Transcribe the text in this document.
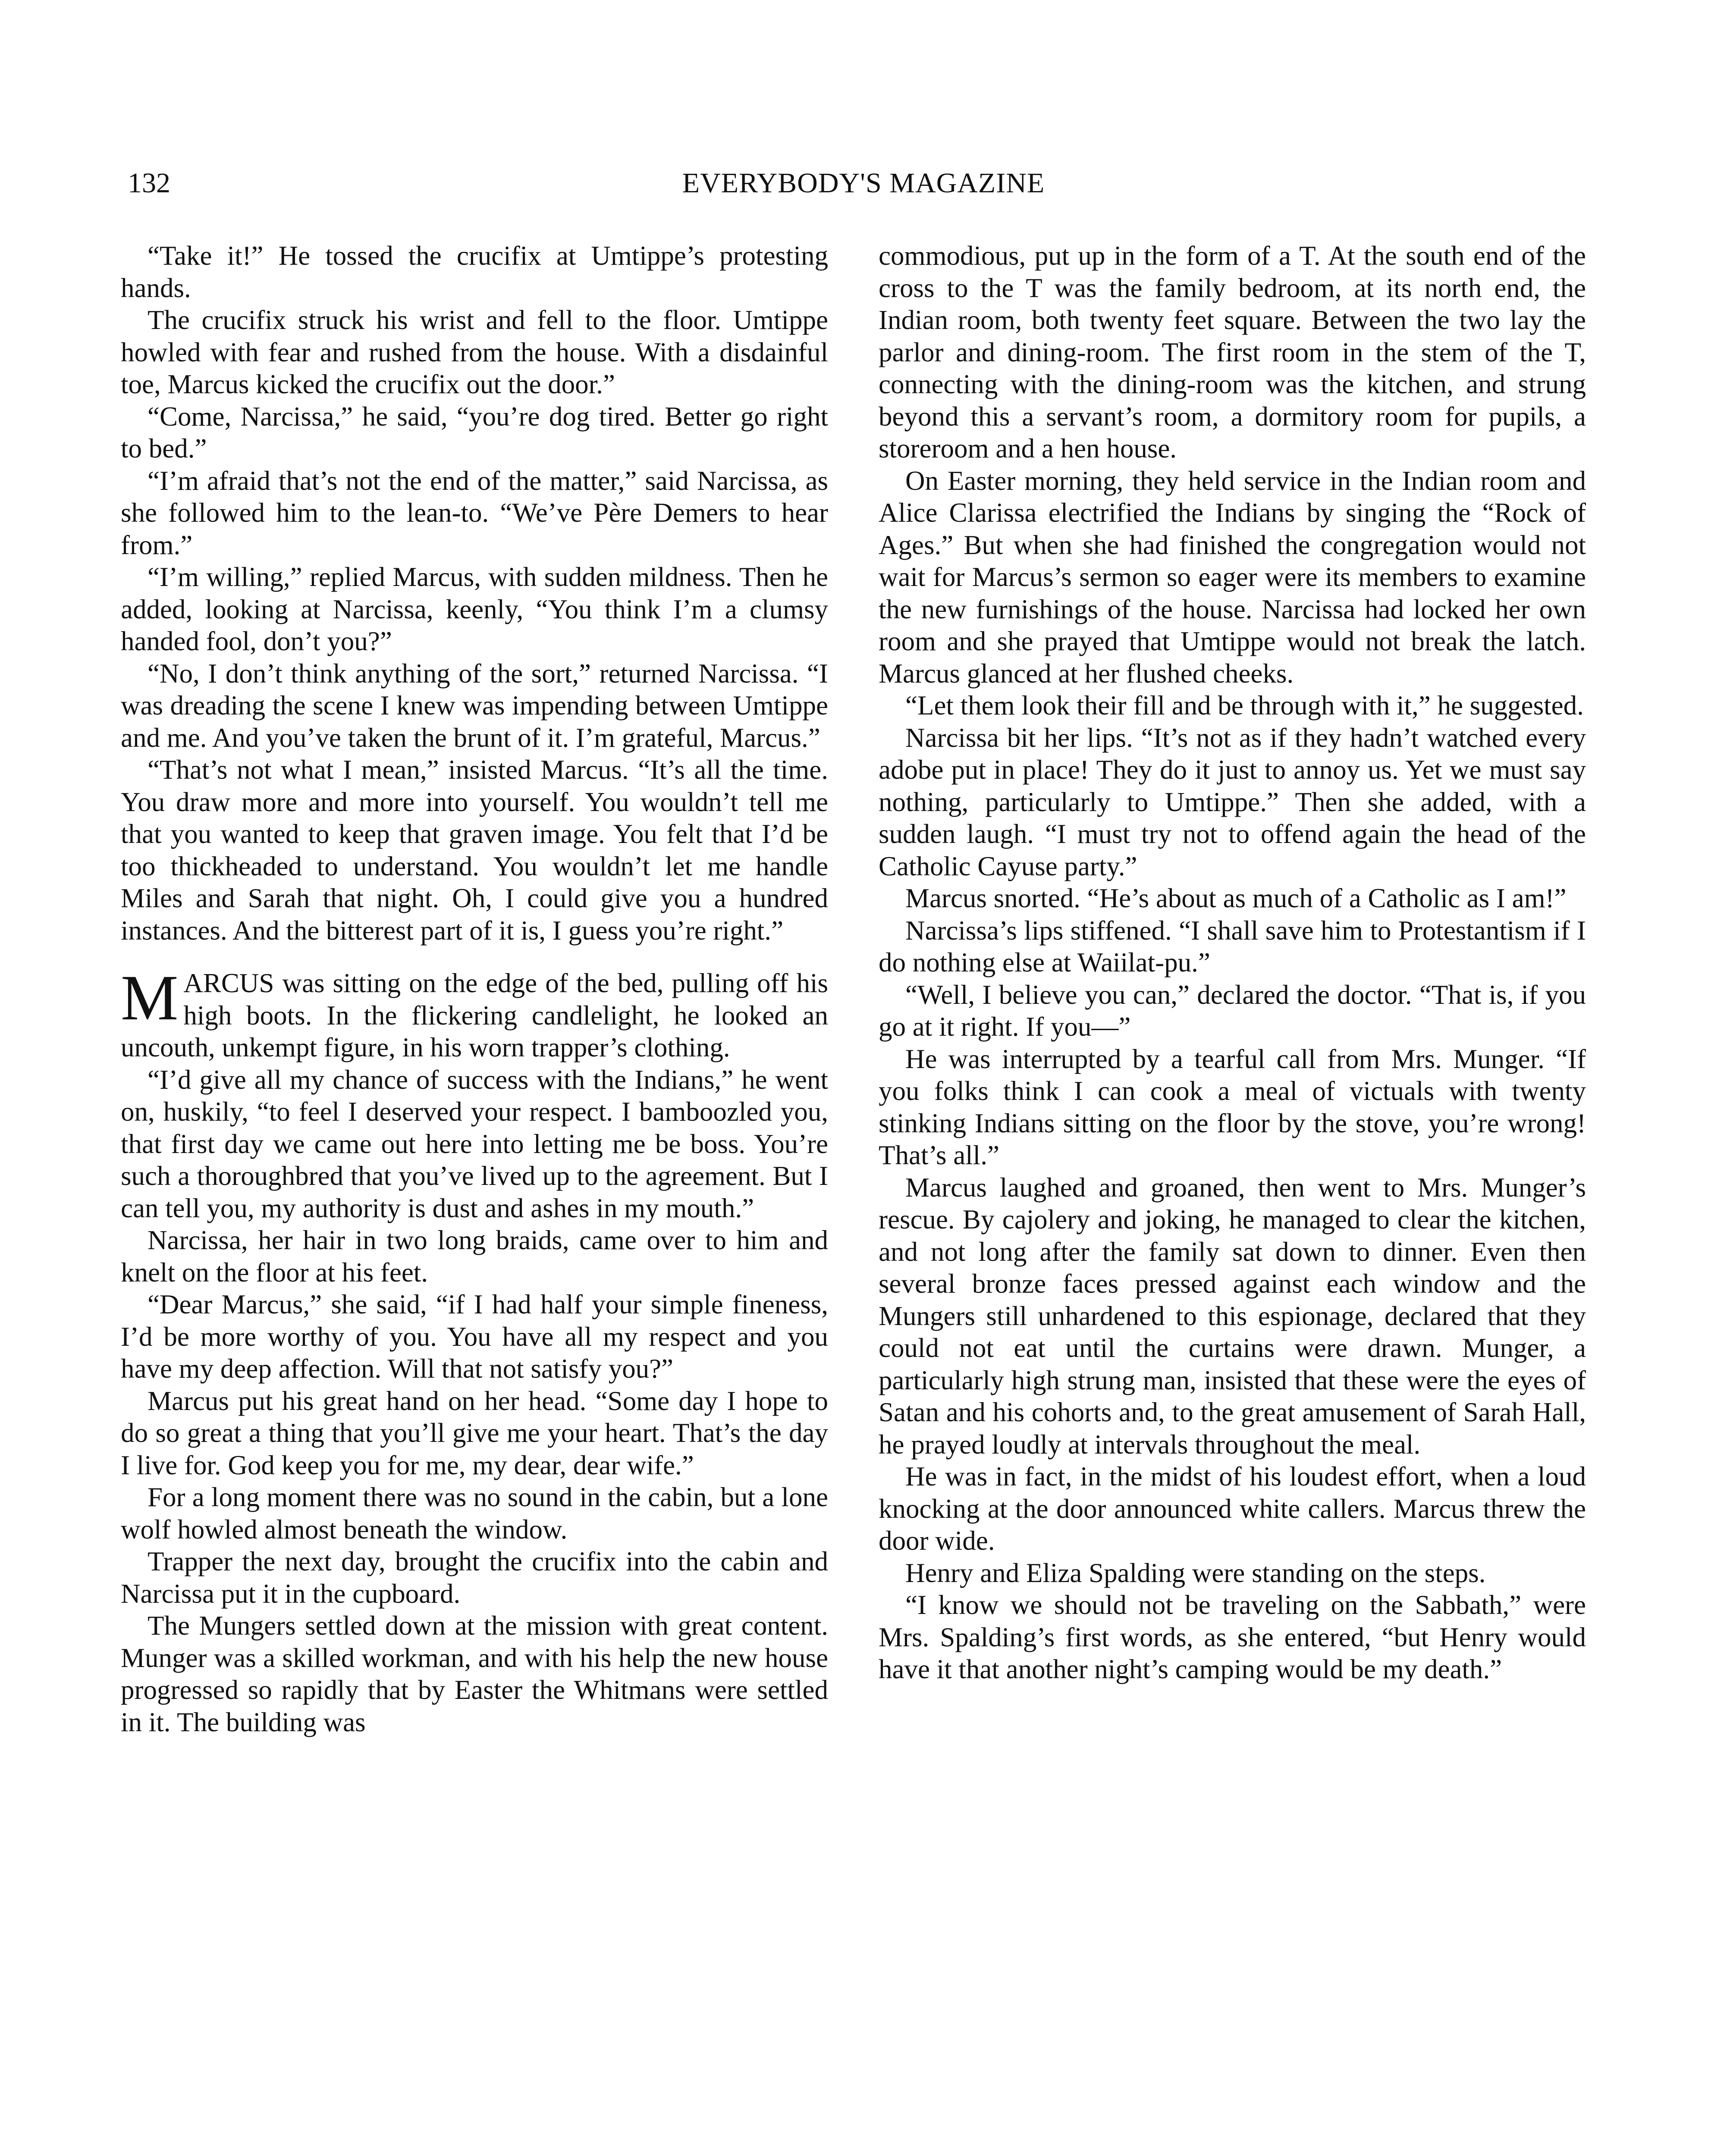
132	EVERYBODY'S MAGAZINE

“Take it!” He tossed the crucifix at Umtippe’s protesting hands.

The crucifix struck his wrist and fell to the floor. Umtippe howled with fear and rushed from the house. With a disdainful toe, Marcus kicked the crucifix out the door.”

“Come, Narcissa,” he said, “you’re dog tired. Better go right to bed.”

“I’m afraid that’s not the end of the matter,” said Narcissa, as she followed him to the lean-to. “We’ve Père Demers to hear from.”

“I’m willing,” replied Marcus, with sudden mildness. Then he added, looking at Narcissa, keenly, “You think I’m a clumsy handed fool, don’t you?”

“No, I don’t think anything of the sort,” returned Narcissa. “I was dreading the scene I knew was impending between Umtippe and me. And you’ve taken the brunt of it. I’m grateful, Marcus.”

“That’s not what I mean,” insisted Marcus. “It’s all the time. You draw more and more into yourself. You wouldn’t tell me that you wanted to keep that graven image. You felt that I’d be too thickheaded to understand. You wouldn’t let me handle Miles and Sarah that night. Oh, I could give you a hundred instances. And the bitterest part of it is, I guess you’re right.”

MARCUS was sitting on the edge of the bed, pulling off his high boots. In the flickering candlelight, he looked an uncouth, unkempt figure, in his worn trapper’s clothing.

“I’d give all my chance of success with the Indians,” he went on, huskily, “to feel I deserved your respect. I bamboozled you, that first day we came out here into letting me be boss. You’re such a thoroughbred that you’ve lived up to the agreement. But I can tell you, my authority is dust and ashes in my mouth.”

Narcissa, her hair in two long braids, came over to him and knelt on the floor at his feet.

“Dear Marcus,” she said, “if I had half your simple fineness, I’d be more worthy of you. You have all my respect and you have my deep affection. Will that not satisfy you?”

Marcus put his great hand on her head. “Some day I hope to do so great a thing that you’ll give me your heart. That’s the day I live for. God keep you for me, my dear, dear wife.”

For a long moment there was no sound in the cabin, but a lone wolf howled almost beneath the window.

Trapper the next day, brought the crucifix into the cabin and Narcissa put it in the cupboard.

The Mungers settled down at the mission with great content. Munger was a skilled workman, and with his help the new house progressed so rapidly that by Easter the Whitmans were settled in it. The building was

commodious, put up in the form of a T. At the south end of the cross to the T was the family bedroom, at its north end, the Indian room, both twenty feet square. Between the two lay the parlor and dining-room. The first room in the stem of the T, connecting with the dining-room was the kitchen, and strung beyond this a servant’s room, a dormitory room for pupils, a storeroom and a hen house.

On Easter morning, they held service in the Indian room and Alice Clarissa electrified the Indians by singing the “Rock of Ages.” But when she had finished the congregation would not wait for Marcus’s sermon so eager were its members to examine the new furnishings of the house. Narcissa had locked her own room and she prayed that Umtippe would not break the latch. Marcus glanced at her flushed cheeks.

“Let them look their fill and be through with it,” he suggested.

Narcissa bit her lips. “It’s not as if they hadn’t watched every adobe put in place! They do it just to annoy us. Yet we must say nothing, particularly to Umtippe.” Then she added, with a sudden laugh. “I must try not to offend again the head of the Catholic Cayuse party.”

Marcus snorted. “He’s about as much of a Catholic as I am!”

Narcissa’s lips stiffened. “I shall save him to Protestantism if I do nothing else at Waiilat-pu.”

“Well, I believe you can,” declared the doctor. “That is, if you go at it right. If you—”

He was interrupted by a tearful call from Mrs. Munger. “If you folks think I can cook a meal of victuals with twenty stinking Indians sitting on the floor by the stove, you’re wrong! That’s all.”

Marcus laughed and groaned, then went to Mrs. Munger’s rescue. By cajolery and joking, he managed to clear the kitchen, and not long after the family sat down to dinner. Even then several bronze faces pressed against each window and the Mungers still unhardened to this espionage, declared that they could not eat until the curtains were drawn. Munger, a particularly high strung man, insisted that these were the eyes of Satan and his cohorts and, to the great amusement of Sarah Hall, he prayed loudly at intervals throughout the meal.

He was in fact, in the midst of his loudest effort, when a loud knocking at the door announced white callers. Marcus threw the door wide.

Henry and Eliza Spalding were standing on the steps.

“I know we should not be traveling on the Sabbath,” were Mrs. Spalding’s first words, as she entered, “but Henry would have it that another night’s camping would be my death.”
